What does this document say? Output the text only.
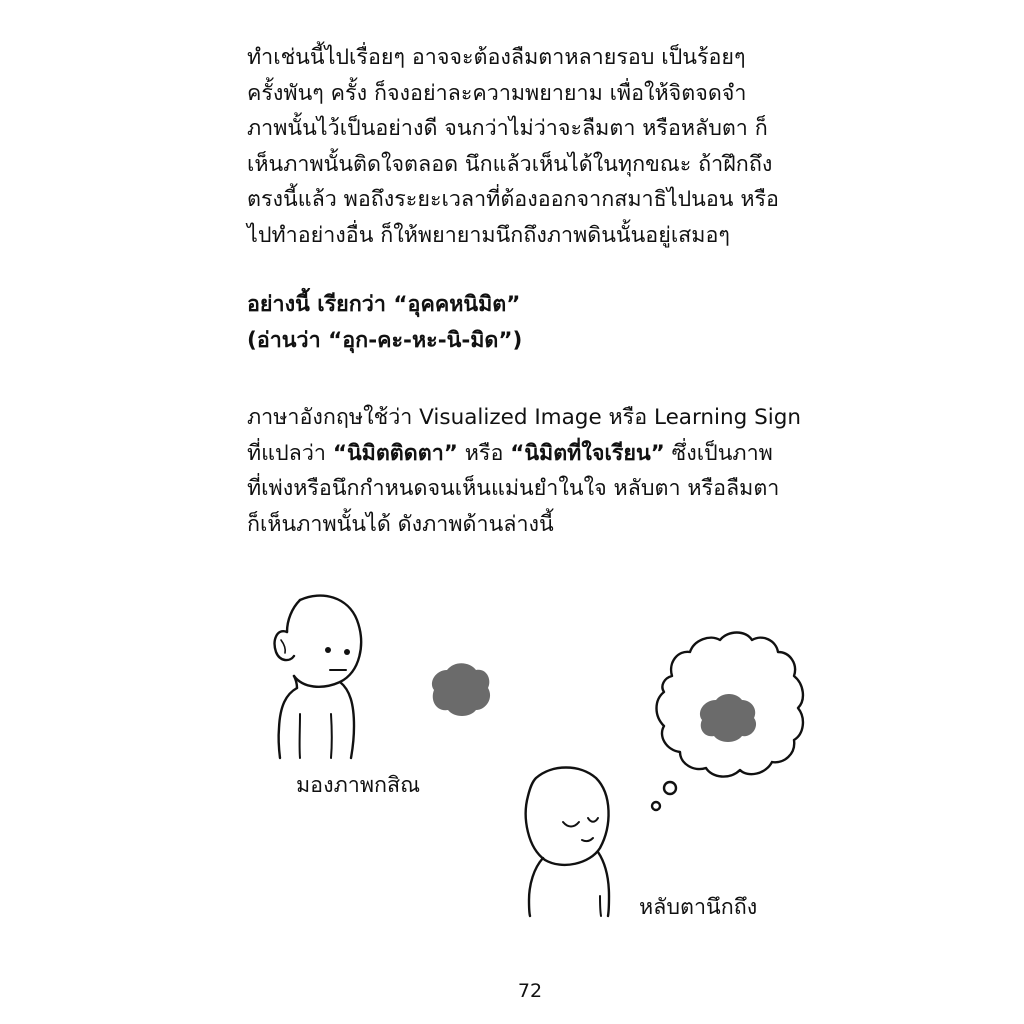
ทำเช่นนี้ไปเรื่อยๆ อาจจะต้องลืมตาหลายรอบ เป็นร้อยๆ
ครั้งพันๆ ครั้ง ก็จงอย่าละความพยายาม เพื่อให้จิตจดจำ
ภาพนั้นไว้เป็นอย่างดี จนกว่าไม่ว่าจะลืมตา หรือหลับตา ก็
เห็นภาพนั้นติดใจตลอด นึกแล้วเห็นได้ในทุกขณะ ถ้าฝึกถึง
ตรงนี้แล้ว พอถึงระยะเวลาที่ต้องออกจากสมาธิไปนอน หรือ
ไปทำอย่างอื่น ก็ให้พยายามนึกถึงภาพดินนั้นอยู่เสมอๆ
อย่างนี้ เรียกว่า “อุคคหนิมิต”
(อ่านว่า “อุก-คะ-หะ-นิ-มิด”)
ภาษาอังกฤษใช้ว่า Visualized Image หรือ Learning Sign
ที่แปลว่า “นิมิตติดตา” หรือ “นิมิตที่ใจเรียน” ซึ่งเป็นภาพ
ที่เพ่งหรือนึกกำหนดจนเห็นแม่นยำในใจ หลับตา หรือลืมตา
ก็เห็นภาพนั้นได้ ดังภาพด้านล่างนี้
มองภาพกสิณ
หลับตานึกถึง
72
